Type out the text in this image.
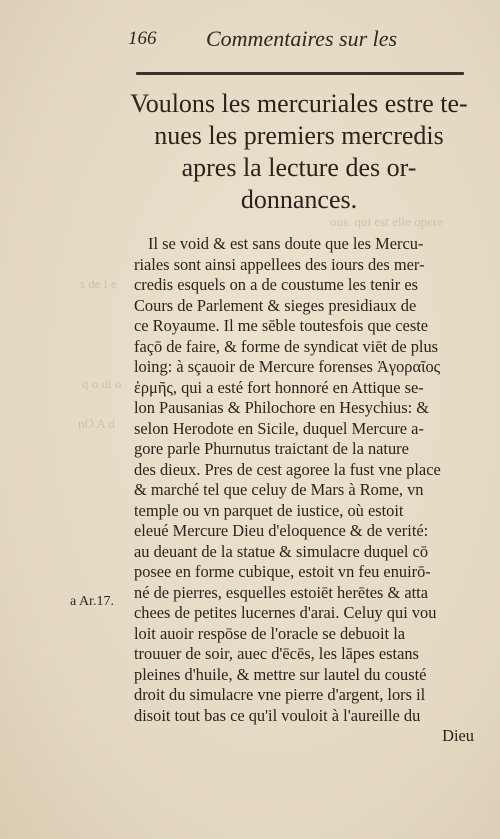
ous. qui est elle opere
s de l e
q o di o
nO A d
166 Commentaires sur les
Voulons les mercuriales estre te-
nues les premiers mercredis
apres la lecture des or-
donnances.
Il se void & est sans doute que les Mercu-
riales sont ainsi appellees des iours des mer-
credis esquels on a de coustume les tenir es
Cours de Parlement & sieges presidiaux de
ce Royaume. Il me sēble toutesfois que ceste
façō de faire, & forme de syndicat viēt de plus
loing: à sçauoir de Mercure forenses Ἀγοραῖος
ἑρμῆς, qui a esté fort honnoré en Attique se-
lon Pausanias & Philochore en Hesychius: &
selon Herodote en Sicile, duquel Mercure a-
gore parle Phurnutus traictant de la nature
des dieux. Pres de cest agoree la fust vne place
& marché tel que celuy de Mars à Rome, vn
temple ou vn parquet de iustice, où estoit
eleué Mercure Dieu d'eloquence & de verité:
au deuant de la statue & simulacre duquel cō
posee en forme cubique, estoit vn feu enuirō-
né de pierres, esquelles estoiēt herētes & atta
chees de petites lucernes d'arai. Celuy qui vou
loit auoir respōse de l'oracle se debuoit la
trouuer de soir, auec d'ēcēs, les lāpes estans
pleines d'huile, & mettre sur lautel du cousté
droit du simulacre vne pierre d'argent, lors il
disoit tout bas ce qu'il vouloit à l'aureille du
Dieu
a Ar.17.
